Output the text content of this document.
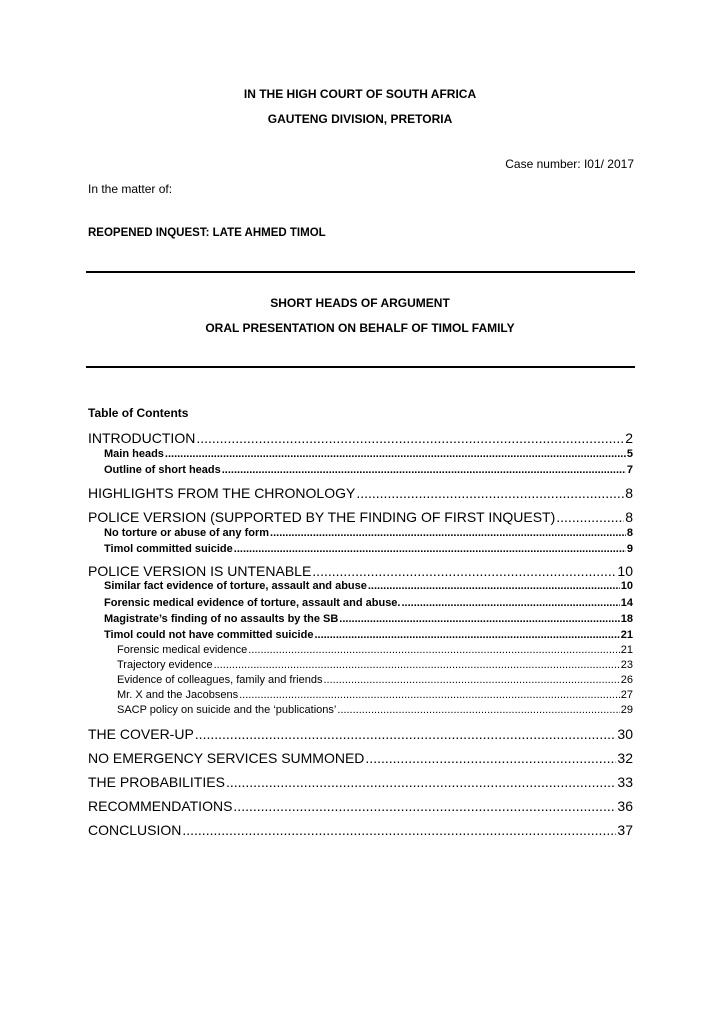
IN THE HIGH COURT OF SOUTH AFRICA
GAUTENG DIVISION, PRETORIA
Case number: I01/ 2017
In the matter of:
REOPENED INQUEST: LATE AHMED TIMOL
SHORT HEADS OF ARGUMENT
ORAL PRESENTATION ON BEHALF OF TIMOL FAMILY
Table of Contents
INTRODUCTION .....	2
Main heads .....	5
Outline of short heads .....	7
HIGHLIGHTS FROM THE CHRONOLOGY .....	8
POLICE VERSION (SUPPORTED BY THE FINDING OF FIRST INQUEST) .....	8
No torture or abuse of any form .....	8
Timol committed suicide .....	9
POLICE VERSION IS UNTENABLE .....	10
Similar fact evidence of torture, assault and abuse .....	10
Forensic medical evidence of torture, assault and abuse. .....	14
Magistrate’s finding of no assaults by the SB .....	18
Timol could not have committed suicide .....	21
Forensic medical evidence .....	21
Trajectory evidence .....	23
Evidence of colleagues, family and friends .....	26
Mr. X and the Jacobsens .....	27
SACP policy on suicide and the ‘publications’ .....	29
THE COVER-UP .....	30
NO EMERGENCY SERVICES SUMMONED .....	32
THE PROBABILITIES .....	33
RECOMMENDATIONS .....	36
CONCLUSION .....	37
